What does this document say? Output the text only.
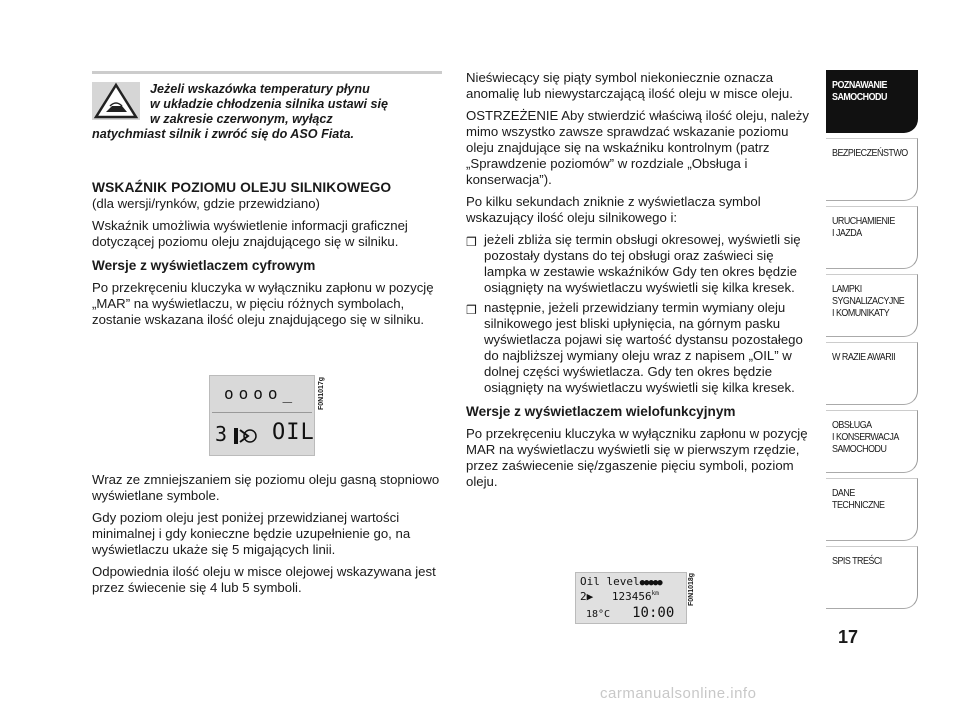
Jeżeli wskazówka temperatury płynu
w układzie chłodzenia silnika ustawi się
w zakresie czerwonym, wyłącz
natychmiast silnik i zwróć się do ASO Fiata.
WSKAŹNIK POZIOMU OLEJU SILNIKOWEGO

(dla wersji/rynków, gdzie przewidziano)

Wskaźnik umożliwia wyświetlenie informacji graficznej dotyczącej poziomu oleju znajdującego się w silniku.

Wersje z wyświetlaczem cyfrowym

Po przekręceniu kluczyka w wyłączniku zapłonu w pozycję „MAR” na wyświetlaczu, w pięciu różnych symbolach, zostanie wskazana ilość oleju znajdującego się w silniku.

oooo_
3 OIL
F0N1017g

Wraz ze zmniejszaniem się poziomu oleju gasną stopniowo wyświetlane symbole.

Gdy poziom oleju jest poniżej przewidzianej wartości minimalnej i gdy konieczne będzie uzupełnienie go, na wyświetlaczu ukaże się 5 migających linii.

Odpowiednia ilość oleju w misce olejowej wskazywana jest przez świecenie się 4 lub 5 symboli.

Nieświecący się piąty symbol niekoniecznie oznacza anomalię lub niewystarczającą ilość oleju w misce oleju.

OSTRZEŻENIE Aby stwierdzić właściwą ilość oleju, należy mimo wszystko zawsze sprawdzać wskazanie poziomu oleju znajdujące się na wskaźniku kontrolnym (patrz „Sprawdzenie poziomów” w rozdziale „Obsługa i konserwacja”).

Po kilku sekundach zniknie z wyświetlacza symbol wskazujący ilość oleju silnikowego i:

❒ jeżeli zbliża się termin obsługi okresowej, wyświetli się pozostały dystans do tej obsługi oraz zaświeci się lampka w zestawie wskaźników Gdy ten okres będzie osiągnięty na wyświetlaczu wyświetli się kilka kresek.
❒ następnie, jeżeli przewidziany termin wymiany oleju silnikowego jest bliski upłynięcia, na górnym pasku wyświetlacza pojawi się wartość dystansu pozostałego do najbliższej wymiany oleju wraz z napisem „OIL” w dolnej części wyświetlacza. Gdy ten okres będzie osiągnięty na wyświetlaczu wyświetli się kilka kresek.
Wersje z wyświetlaczem wielofunkcyjnym

Po przekręceniu kluczyka w wyłączniku zapłonu w pozycję MAR na wyświetlaczu wyświetli się w pierwszym rzędzie, przez zaświecenie się/zgaszenie pięciu symboli, poziom oleju.

Oil level●●●●●
2▶ $123456^{km}$
18°C 10:00
F0N1018g
POZNAWANIE
SAMOCHODU
BEZPIECZEŃSTWO
URUCHAMIENIE
I JAZDA
LAMPKI
SYGNALIZACYJNE
I KOMUNIKATY
W RAZIE AWARII
OBSŁUGA
I KONSERWACJA
SAMOCHODU
DANE TECHNICZNE
SPIS TREŚCI
17
carmanualsonline.info
